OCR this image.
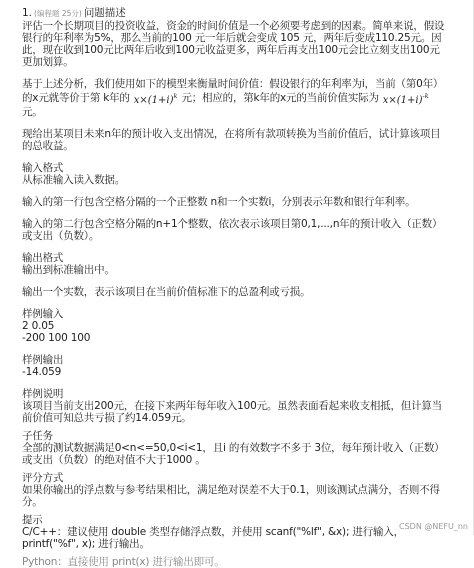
1. (编程题 25分) 问题描述
评估一个长期项目的投资收益，资金的时间价值是一个必须要考虑到的因素。简单来说，假设
银行的年利率为5%，那么当前的100 元一年后就会变成 105 元，两年后变成110.25元。因
此，现在收到100元比两年后收到100元收益更多，两年后再支出100元会比立刻支出100元
更加划算。
基于上述分析，我们使用如下的模型来衡量时间价值：假设银行的年利率为i，当前（第0年）
的x元就等价于第 k年的 $x\times(1+i)^k$ 元；相应的，第k年的x元的当前价值实际为 $x\times(1+i)^{-k}$
元。
现给出某项目未来n年的预计收入支出情况，在将所有款项转换为当前价值后，试计算该项目
的总收益。
输入格式
从标准输入读入数据。
输入的第一行包含空格分隔的一个正整数 n和一个实数i，分别表示年数和银行年利率。
输入的第二行包含空格分隔的n+1个整数，依次表示该项目第0,1,...,n年的预计收入（正数）
或支出（负数）。
输出格式
输出到标准输出中。
输出一个实数，表示该项目在当前价值标准下的总盈利或亏损。
样例输入
2 0.05
-200 100 100
样例输出
-14.059
样例说明
该项目当前支出200元，在接下来两年每年收入100元。虽然表面看起来收支相抵，但计算当
前价值可知总共亏损了约14.059元。
子任务
全部的测试数据满足0<n<=50,0<i<1，且i 的有效数字不多于 3位，每年预计收入（正数）
或支出（负数）的绝对值不大于1000 。
评分方式
如果你输出的浮点数与参考结果相比，满足绝对误差不大于0.1，则该测试点满分，否则不得
分。
提示
C/C++：建议使用 double 类型存储浮点数，并使用 scanf("%lf", &x); 进行输入，
printf("%f", x); 进行输出。
Python：直接使用 print(x) 进行输出即可。
CSDN @NEFU_nn
